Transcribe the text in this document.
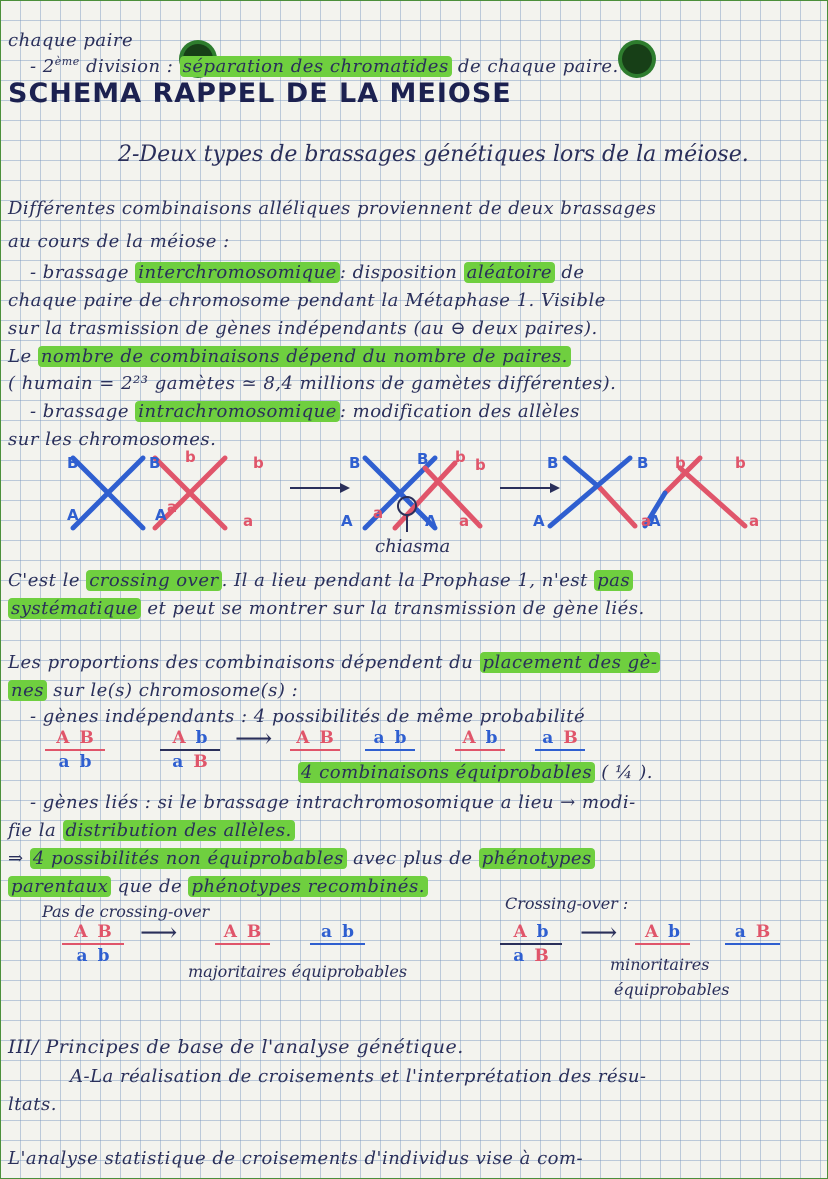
chaque paire
- 2ème division : séparation des chromatides de chaque paire.
SCHEMA RAPPEL DE LA MEIOSE
2-Deux types de brassages génétiques lors de la méiose.
Différentes combinaisons alléliques proviennent de deux brassages
au cours de la méiose :
- brassage interchromosomique : disposition aléatoire de
chaque paire de chromosome pendant la Métaphase 1. Visible
sur la trasmission de gènes indépendants (au ⊖ deux paires).
Le nombre de combinaisons dépend du nombre de paires.
( humain = 2²³ gamètes ≃ 8,4 millions de gamètes différentes).
- brassage intrachromosomique : modification des allèles
sur les chromosomes.
B	B
A	A
b	b
a
a
B	B
A	A
b b
a	a
B	B
A	a
A
b	b
a
chiasma
C'est le crossing over . Il a lieu pendant la Prophase 1, n'est pas
systématique et peut se montrer sur la transmission de gène liés.
Les proportions des combinaisons dépendent du placement des gè-
nes sur le(s) chromosome(s) :
- gènes indépendants : 4 possibilités de même probabilité
A B
a b
A b
a B
⟶ A B a b	A b	a B
4 combinaisons équiprobables ( ¼ ).
- gènes liés : si le brassage intrachromosomique a lieu → modi-
fie la distribution des allèles.
⇒ 4 possibilités non équiprobables avec plus de phénotypes
parentaux que de phénotypes recombinés.
Pas de crossing-over	Crossing-over :
A B
a b
⟶	A B	a b
majoritaires équiprobables
A b
a B
⟶ A b	a B
minoritaires
équiprobables
III/ Principes de base de l'analyse génétique.
A-La réalisation de croisements et l'interprétation des résu-
ltats.
L'analyse statistique de croisements d'individus vise à com-
